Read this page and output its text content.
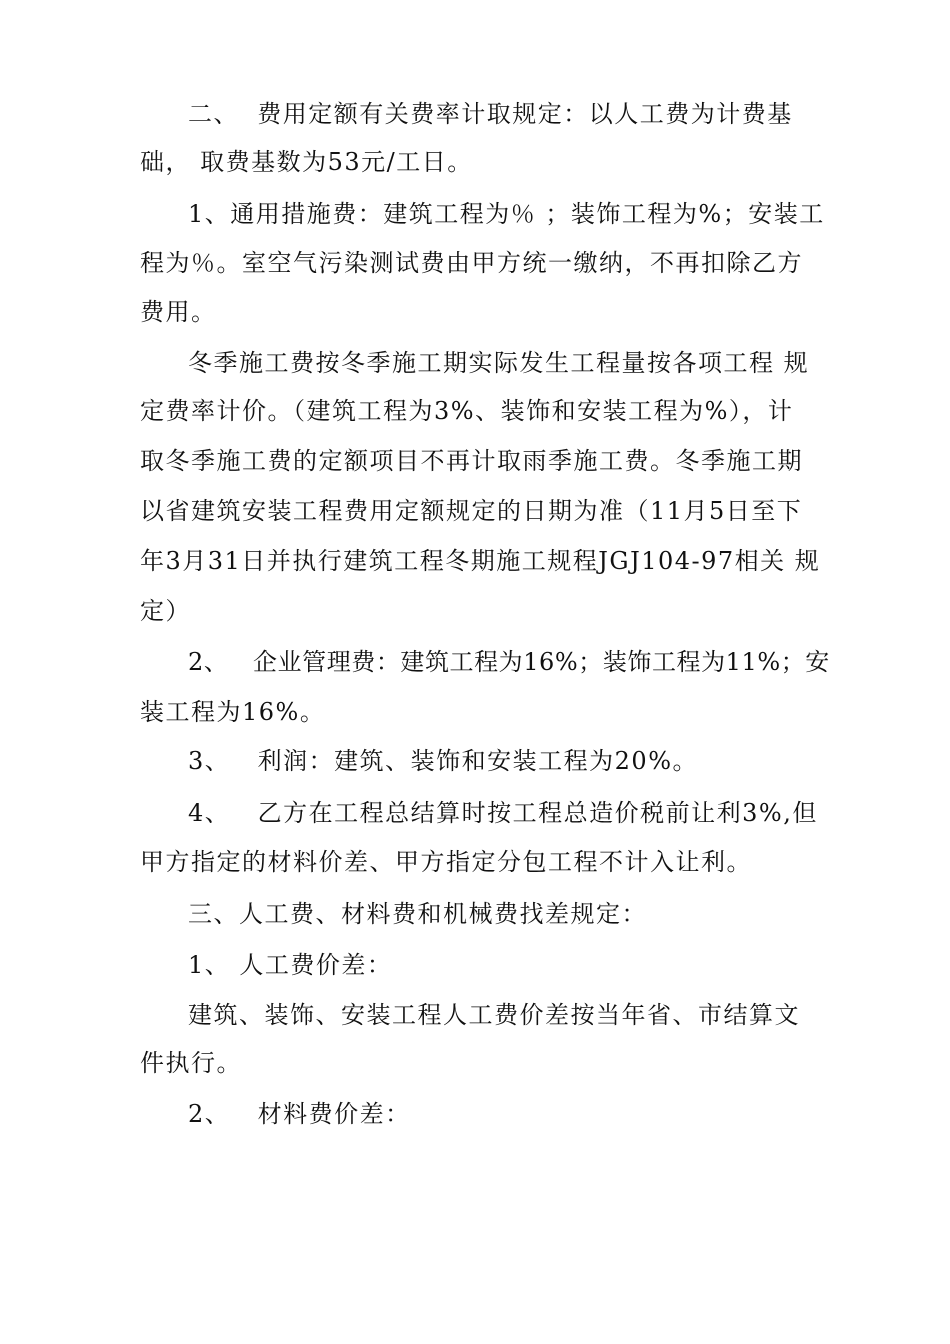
二、  费用定额有关费率计取规定：以人工费为计费基
础， 取费基数为53元/工日。
1、通用措施费：建筑工程为％ ；装饰工程为%；安装工
程为％。室空气污染测试费由甲方统一缴纳，不再扣除乙方
费用。
冬季施工费按冬季施工期实际发生工程量按各项工程 规
定费率计价。（建筑工程为3%、装饰和安装工程为%），计
取冬季施工费的定额项目不再计取雨季施工费。冬季施工期
以省建筑安装工程费用定额规定的日期为准（11月5日至下
年3月31日并执行建筑工程冬期施工规程JGJ104-97相关 规
定）
2、   企业管理费：建筑工程为16%；装饰工程为11%；安
装工程为16%。
3、   利润：建筑、装饰和安装工程为20%。
4、   乙方在工程总结算时按工程总造价税前让利3%,但
甲方指定的材料价差、甲方指定分包工程不计入让利。
三、人工费、材料费和机械费找差规定：
1、 人工费价差：
建筑、装饰、安装工程人工费价差按当年省、市结算文
件执行。
2、   材料费价差：
